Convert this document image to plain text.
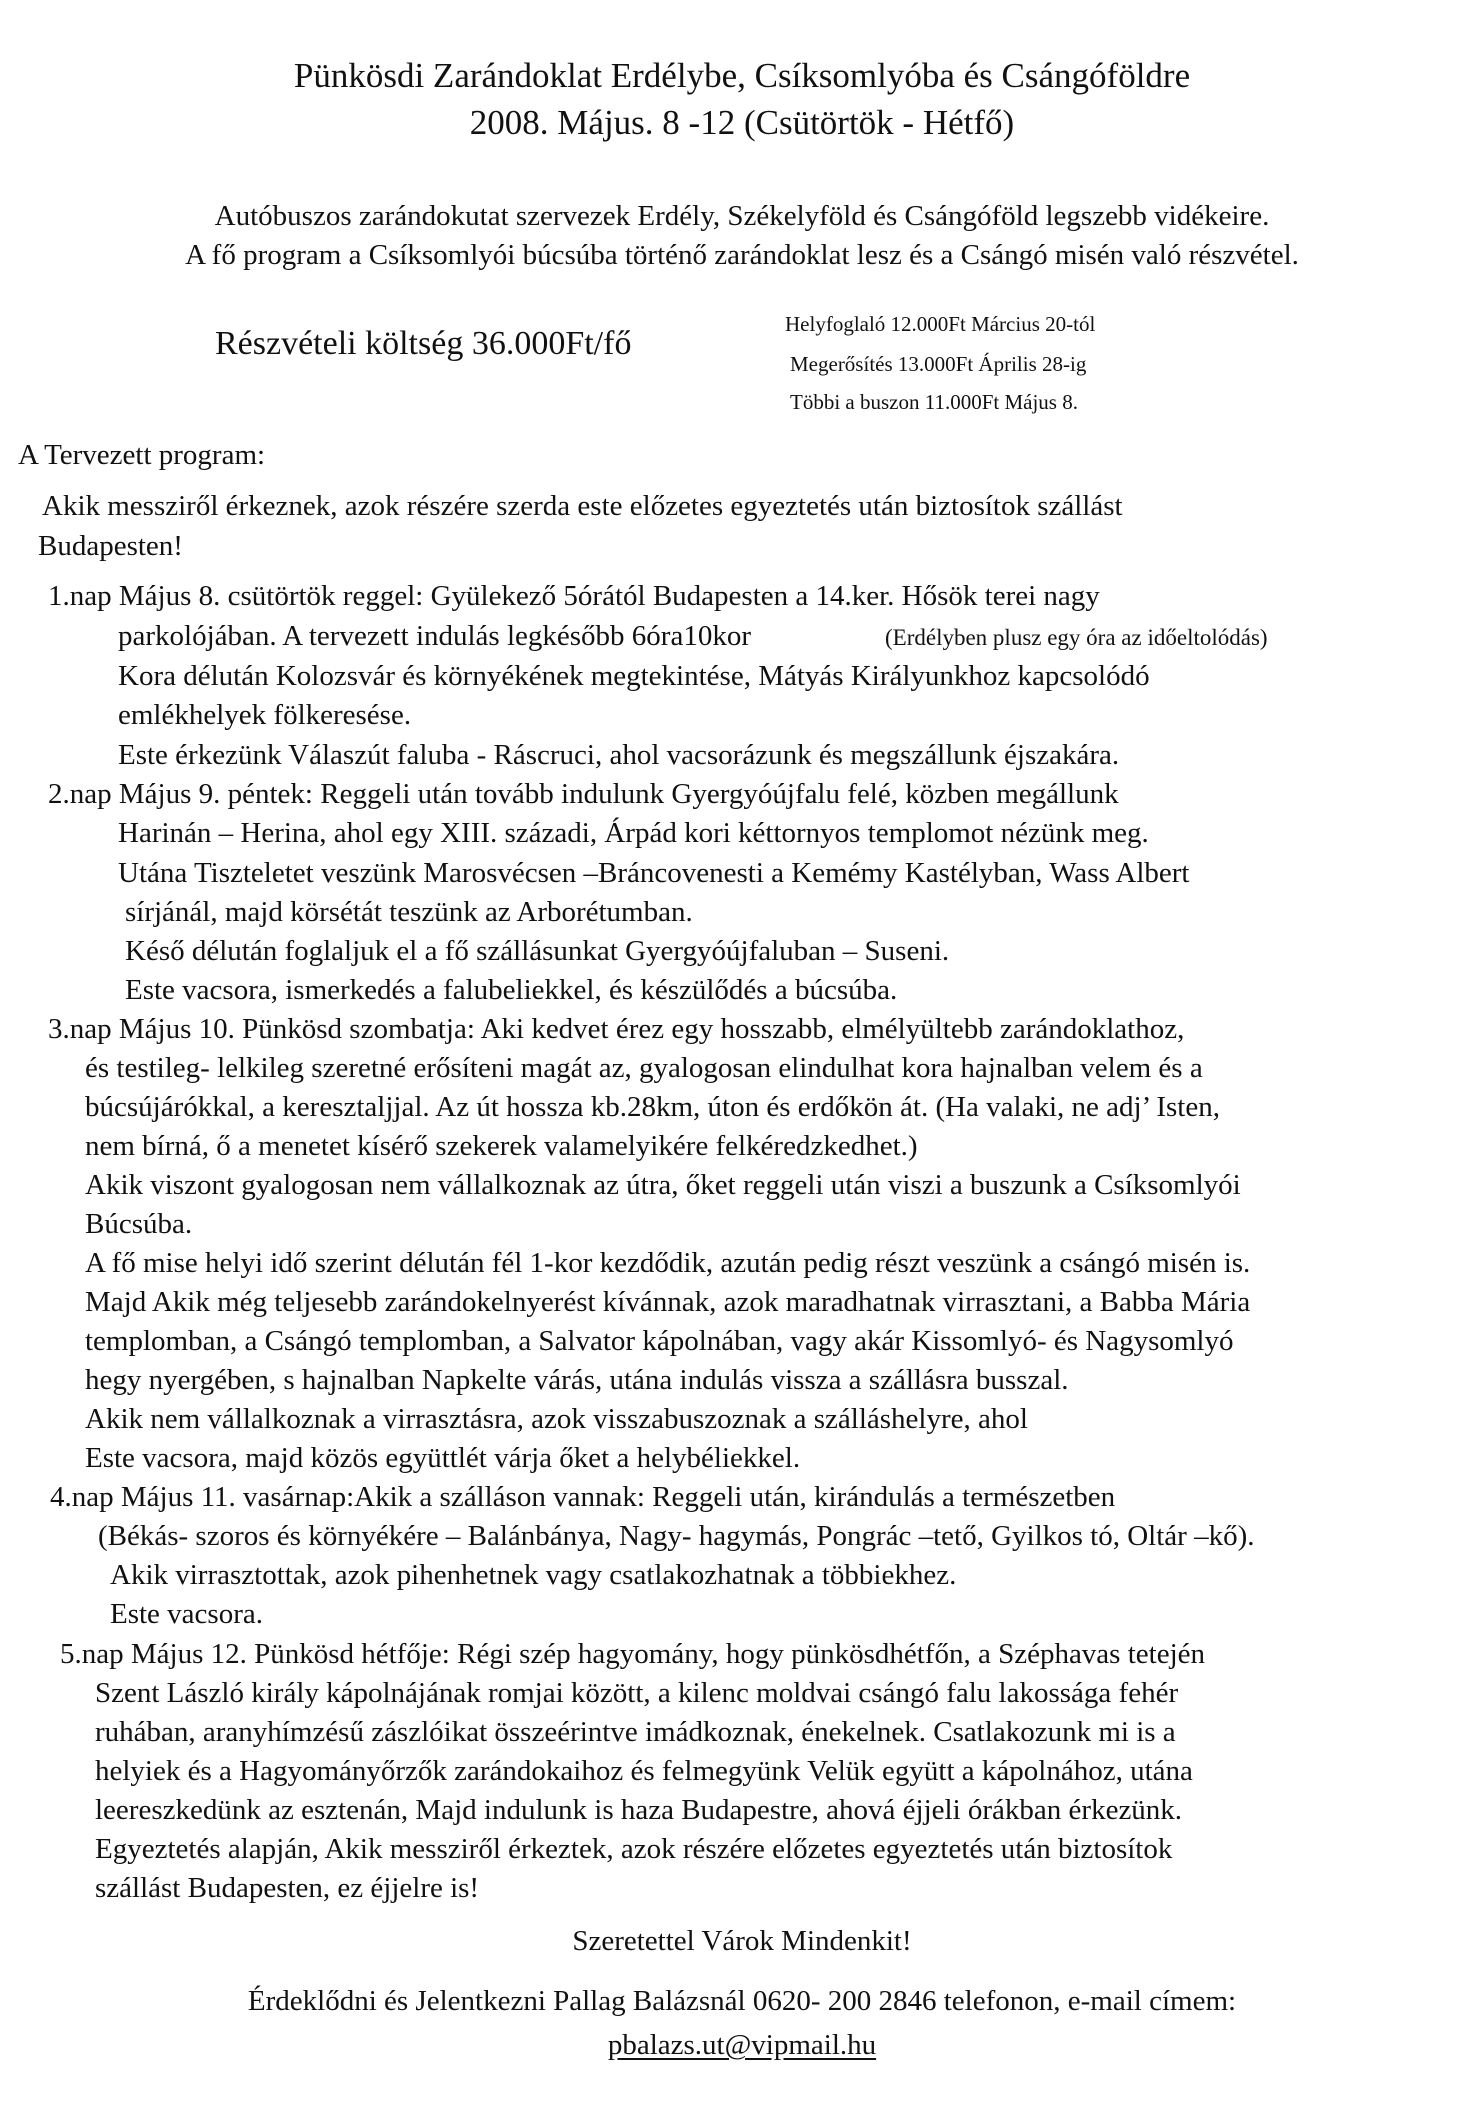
Pünkösdi Zarándoklat Erdélybe, Csíksomlyóba és Csángóföldre
2008. Május. 8 -12 (Csütörtök - Hétfő)
Autóbuszos zarándokutat szervezek Erdély, Székelyföld és Csángóföld legszebb vidékeire.
A fő program a Csíksomlyói búcsúba történő zarándoklat lesz és a Csángó misén való részvétel.
Részvételi költség 36.000Ft/fő
Helyfoglaló 12.000Ft Március 20-tól
Megerősítés 13.000Ft Április 28-ig
Többi a buszon 11.000Ft Május 8.
A Tervezett program:
Akik messziről érkeznek, azok részére szerda este előzetes egyeztetés után biztosítok szállást
Budapesten!
1.nap Május 8. csütörtök reggel: Gyülekező 5órától Budapesten a 14.ker. Hősök terei nagy
parkolójában. A tervezett indulás legkésőbb 6óra10kor	(Erdélyben plusz egy óra az időeltolódás)
Kora délután Kolozsvár és környékének megtekintése, Mátyás Királyunkhoz kapcsolódó
emlékhelyek fölkeresése.
Este érkezünk Válaszút faluba - Ráscruci, ahol vacsorázunk és megszállunk éjszakára.
2.nap Május 9. péntek: Reggeli után tovább indulunk Gyergyóújfalu felé, közben megállunk
Harinán – Herina, ahol egy XIII. századi, Árpád kori kéttornyos templomot nézünk meg.
Utána Tiszteletet veszünk Marosvécsen –Bráncovenesti a Kemémy Kastélyban, Wass Albert
sírjánál, majd körsétát teszünk az Arborétumban.
Késő délután foglaljuk el a fő szállásunkat Gyergyóújfaluban – Suseni.
Este vacsora, ismerkedés a falubeliekkel, és készülődés a búcsúba.
3.nap Május 10. Pünkösd szombatja: Aki kedvet érez egy hosszabb, elmélyültebb zarándoklathoz,
és testileg- lelkileg szeretné erősíteni magát az, gyalogosan elindulhat kora hajnalban velem és a
búcsújárókkal, a keresztaljjal. Az út hossza kb.28km, úton és erdőkön át. (Ha valaki, ne adj’ Isten,
nem bírná, ő a menetet kísérő szekerek valamelyikére felkéredzkedhet.)
Akik viszont gyalogosan nem vállalkoznak az útra, őket reggeli után viszi a buszunk a Csíksomlyói
Búcsúba.
A fő mise helyi idő szerint délután fél 1-kor kezdődik, azután pedig részt veszünk a csángó misén is.
Majd Akik még teljesebb zarándokelnyerést kívánnak, azok maradhatnak virrasztani, a Babba Mária
templomban, a Csángó templomban, a Salvator kápolnában, vagy akár Kissomlyó- és Nagysomlyó
hegy nyergében, s hajnalban Napkelte várás, utána indulás vissza a szállásra busszal.
Akik nem vállalkoznak a virrasztásra, azok visszabuszoznak a szálláshelyre, ahol
Este vacsora, majd közös együttlét várja őket a helybéliekkel.
4.nap Május 11. vasárnap:Akik a szálláson vannak: Reggeli után, kirándulás a természetben
(Békás- szoros és környékére – Balánbánya, Nagy- hagymás, Pongrác –tető, Gyilkos tó, Oltár –kő).
Akik virrasztottak, azok pihenhetnek vagy csatlakozhatnak a többiekhez.
Este vacsora.
5.nap Május 12. Pünkösd hétfője: Régi szép hagyomány, hogy pünkösdhétfőn, a Széphavas tetején
Szent László király kápolnájának romjai között, a kilenc moldvai csángó falu lakossága fehér
ruhában, aranyhímzésű zászlóikat összeérintve imádkoznak, énekelnek. Csatlakozunk mi is a
helyiek és a Hagyományőrzők zarándokaihoz és felmegyünk Velük együtt a kápolnához, utána
leereszkedünk az esztenán, Majd indulunk is haza Budapestre, ahová éjjeli órákban érkezünk.
Egyeztetés alapján, Akik messziről érkeztek, azok részére előzetes egyeztetés után biztosítok
szállást Budapesten, ez éjjelre is!
Szeretettel Várok Mindenkit!
Érdeklődni és Jelentkezni Pallag Balázsnál 0620- 200 2846 telefonon, e-mail címem:
pbalazs.ut@vipmail.hu
